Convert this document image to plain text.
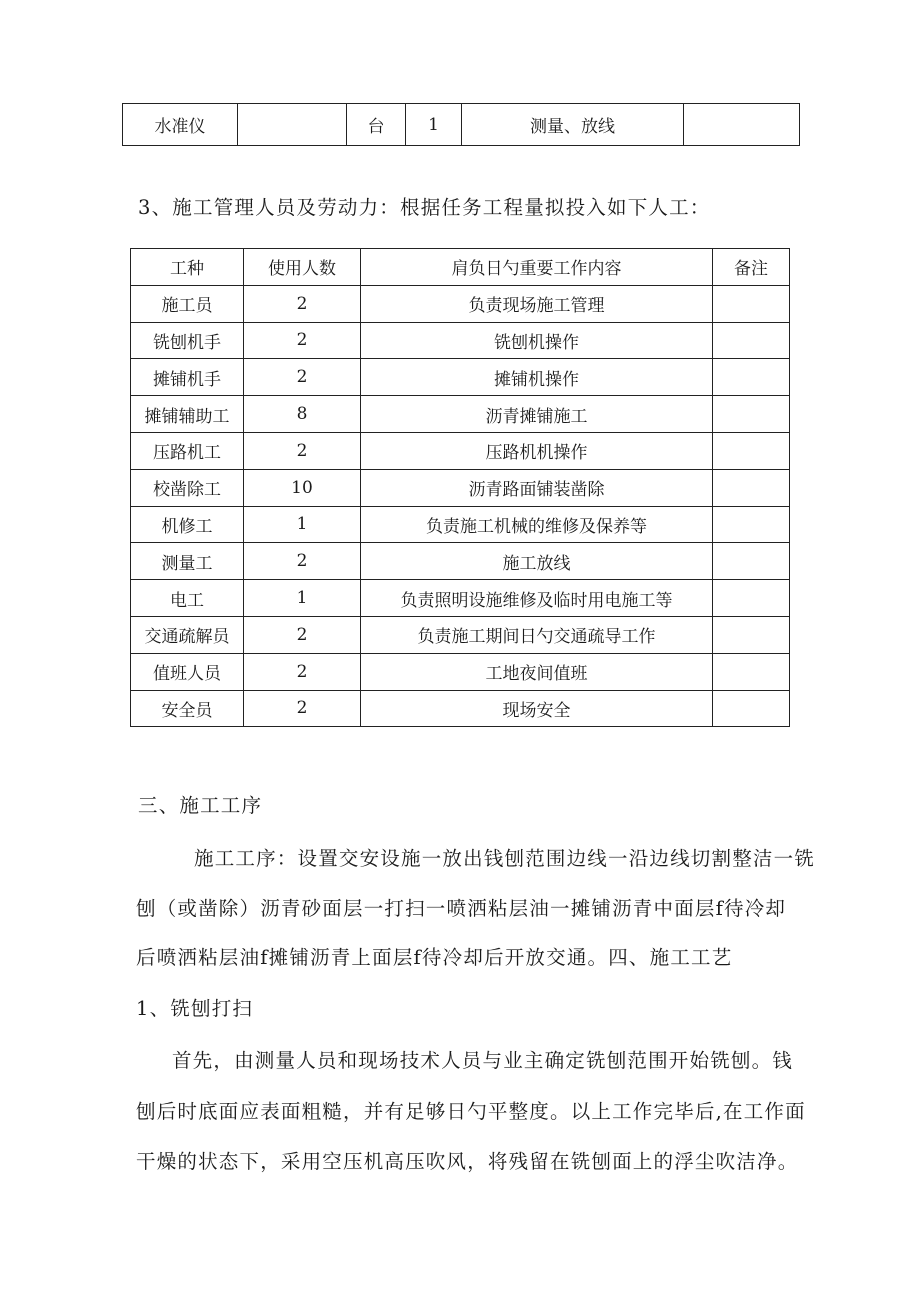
水准仪		台	1	测量、放线	
3、施工管理人员及劳动力：根据任务工程量拟投入如下人工：
工种	使用人数	肩负日勺重要工作内容	备注
施工员	2	负责现场施工管理	
铣刨机手	2	铣刨机操作	
摊铺机手	2	摊铺机操作	
摊铺辅助工	8	沥青摊铺施工	
压路机工	2	压路机机操作	
校凿除工	10	沥青路面铺装凿除	
机修工	1	负责施工机械的维修及保养等	
测量工	2	施工放线	
电工	1	负责照明设施维修及临时用电施工等	
交通疏解员	2	负责施工期间日勺交通疏导工作	
值班人员	2	工地夜间值班	
安全员	2	现场安全	
三、施工工序
施工工序：设置交安设施一放出钱刨范围边线一沿边线切割整洁一铣
刨（或凿除）沥青砂面层一打扫一喷洒粘层油一摊铺沥青中面层f待冷却
后喷洒粘层油f摊铺沥青上面层f待冷却后开放交通。四、施工工艺
1、铣刨打扫
首先，由测量人员和现场技术人员与业主确定铣刨范围开始铣刨。钱
刨后时底面应表面粗糙，并有足够日勺平整度。以上工作完毕后,在工作面
干燥的状态下，采用空压机高压吹风，将残留在铣刨面上的浮尘吹洁净。
